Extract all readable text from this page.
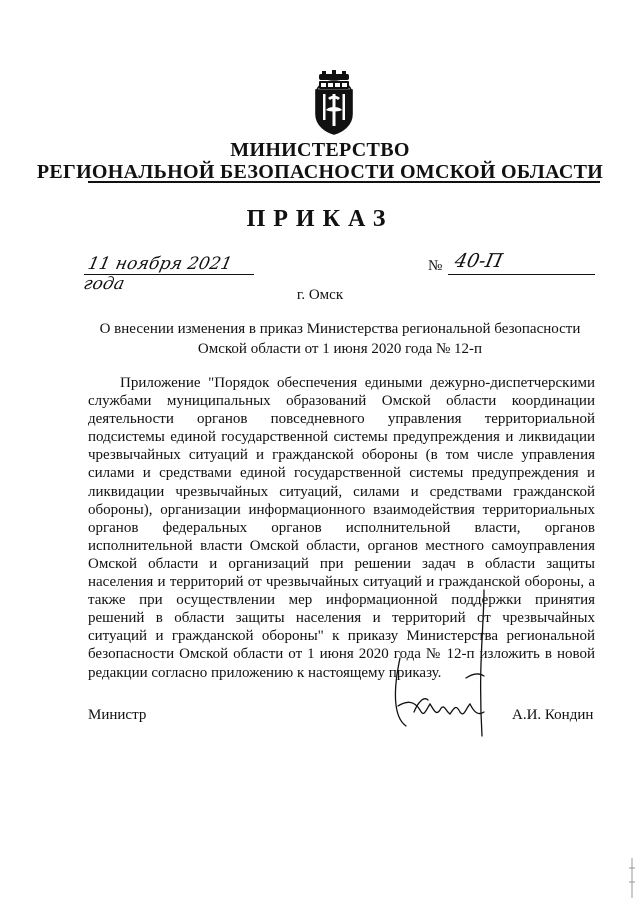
МИНИСТЕРСТВО
РЕГИОНАЛЬНОЙ БЕЗОПАСНОСТИ ОМСКОЙ ОБЛАСТИ
ПРИКАЗ
11 ноября 2021 года
№ 40-П
г. Омск
О внесении изменения в приказ Министерства региональной безопасности
Омской области от 1 июня 2020 года № 12-п

Приложение "Порядок обеспечения едиными дежурно-диспетчерскими службами муниципальных образований Омской области координации деятельности органов повседневного управления территориальной подсистемы единой государственной системы предупреждения и ликвидации чрезвычайных ситуаций и гражданской обороны (в том числе управления силами и средствами единой государственной системы предупреждения и ликвидации чрезвычайных ситуаций, силами и средствами гражданской обороны), организации информационного взаимодействия территориальных органов федеральных органов исполнительной власти, органов исполнительной власти Омской области, органов местного самоуправления Омской области и организаций при решении задач в области защиты населения и территорий от чрезвычайных ситуаций и гражданской обороны, а также при осуществлении мер информационной поддержки принятия решений в области защиты населения и территорий от чрезвычайных ситуаций и гражданской обороны" к приказу Министерства региональной безопасности Омской области от 1 июня 2020 года № 12-п изложить в новой редакции согласно приложению к настоящему приказу.

Министр	А.И. Кондин
